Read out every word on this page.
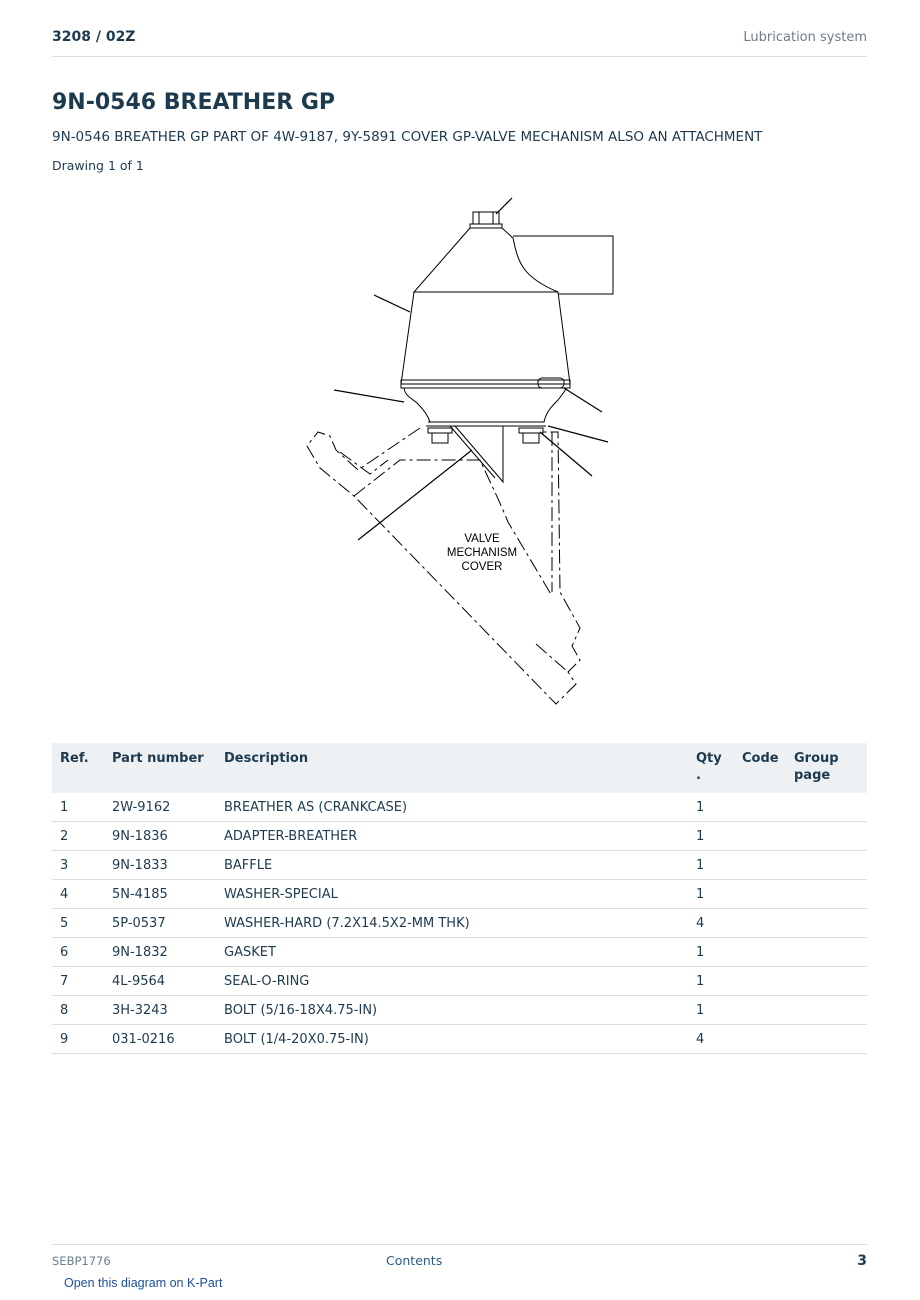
3208 / 02Z	Lubrication system
9N-0546 BREATHER GP
9N-0546 BREATHER GP PART OF 4W-9187, 9Y-5891 COVER GP-VALVE MECHANISM ALSO AN ATTACHMENT
Drawing 1 of 1
VALVE
MECHANISM
COVER
Ref.	Part number	Description	Qty .	Code	Group page
1	2W-9162	BREATHER AS (CRANKCASE)	1		
2	9N-1836	ADAPTER-BREATHER	1		
3	9N-1833	BAFFLE	1		
4	5N-4185	WASHER-SPECIAL	1		
5	5P-0537	WASHER-HARD (7.2X14.5X2-MM THK)	4		
6	9N-1832	GASKET	1		
7	4L-9564	SEAL-O-RING	1		
8	3H-3243	BOLT (5/16-18X4.75-IN)	1		
9	031-0216	BOLT (1/4-20X0.75-IN)	4		
SEBP1776	Contents	3
Open this diagram on K-Part
